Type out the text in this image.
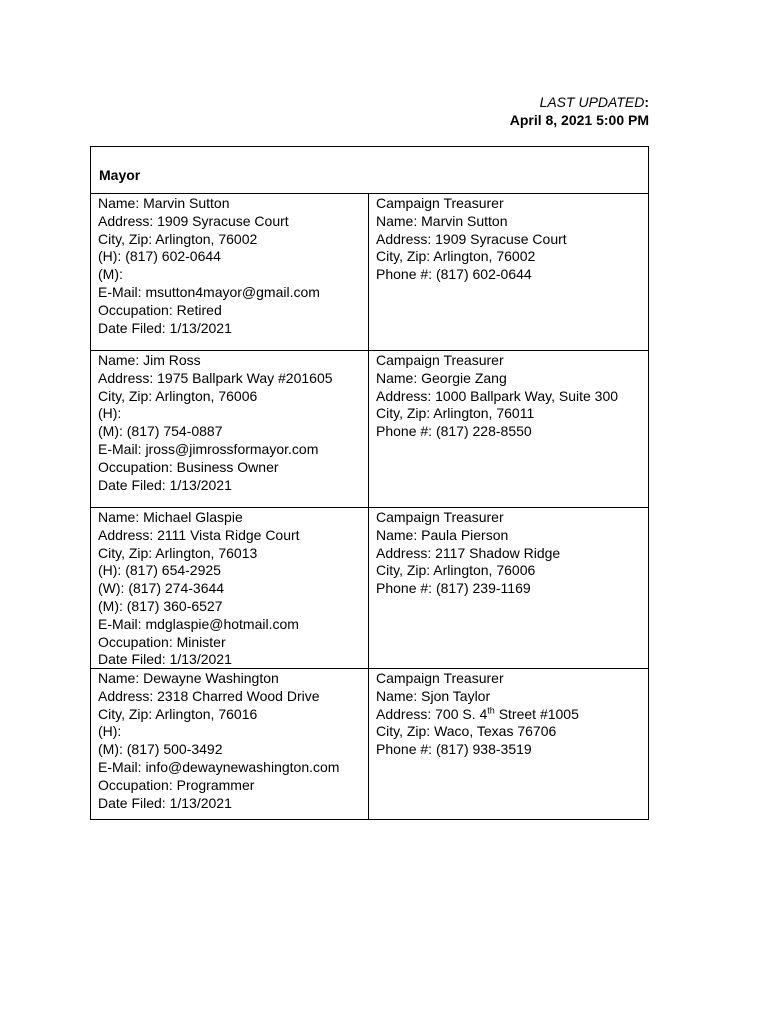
LAST UPDATED:
April 8, 2021 5:00 PM
Mayor
Name: Marvin Sutton
Address: 1909 Syracuse Court
City, Zip: Arlington, 76002
(H): (817) 602-0644
(M):
E-Mail: msutton4mayor@gmail.com
Occupation: Retired
Date Filed: 1/13/2021
Campaign Treasurer
Name: Marvin Sutton
Address: 1909 Syracuse Court
City, Zip: Arlington, 76002
Phone #: (817) 602-0644
Name: Jim Ross
Address: 1975 Ballpark Way #201605
City, Zip: Arlington, 76006
(H):
(M): (817) 754-0887
E-Mail: jross@jimrossformayor.com
Occupation: Business Owner
Date Filed: 1/13/2021
Campaign Treasurer
Name: Georgie Zang
Address: 1000 Ballpark Way, Suite 300
City, Zip: Arlington, 76011
Phone #: (817) 228-8550
Name: Michael Glaspie
Address: 2111 Vista Ridge Court
City, Zip: Arlington, 76013
(H): (817) 654-2925
(W): (817) 274-3644
(M): (817) 360-6527
E-Mail: mdglaspie@hotmail.com
Occupation: Minister
Date Filed: 1/13/2021
Campaign Treasurer
Name: Paula Pierson
Address: 2117 Shadow Ridge
City, Zip: Arlington, 76006
Phone #: (817) 239-1169
Name: Dewayne Washington
Address: 2318 Charred Wood Drive
City, Zip: Arlington, 76016
(H):
(M): (817) 500-3492
E-Mail: info@dewaynewashington.com
Occupation: Programmer
Date Filed: 1/13/2021
Campaign Treasurer
Name: Sjon Taylor
Address: 700 S. 4th Street #1005
City, Zip: Waco, Texas 76706
Phone #: (817) 938-3519
